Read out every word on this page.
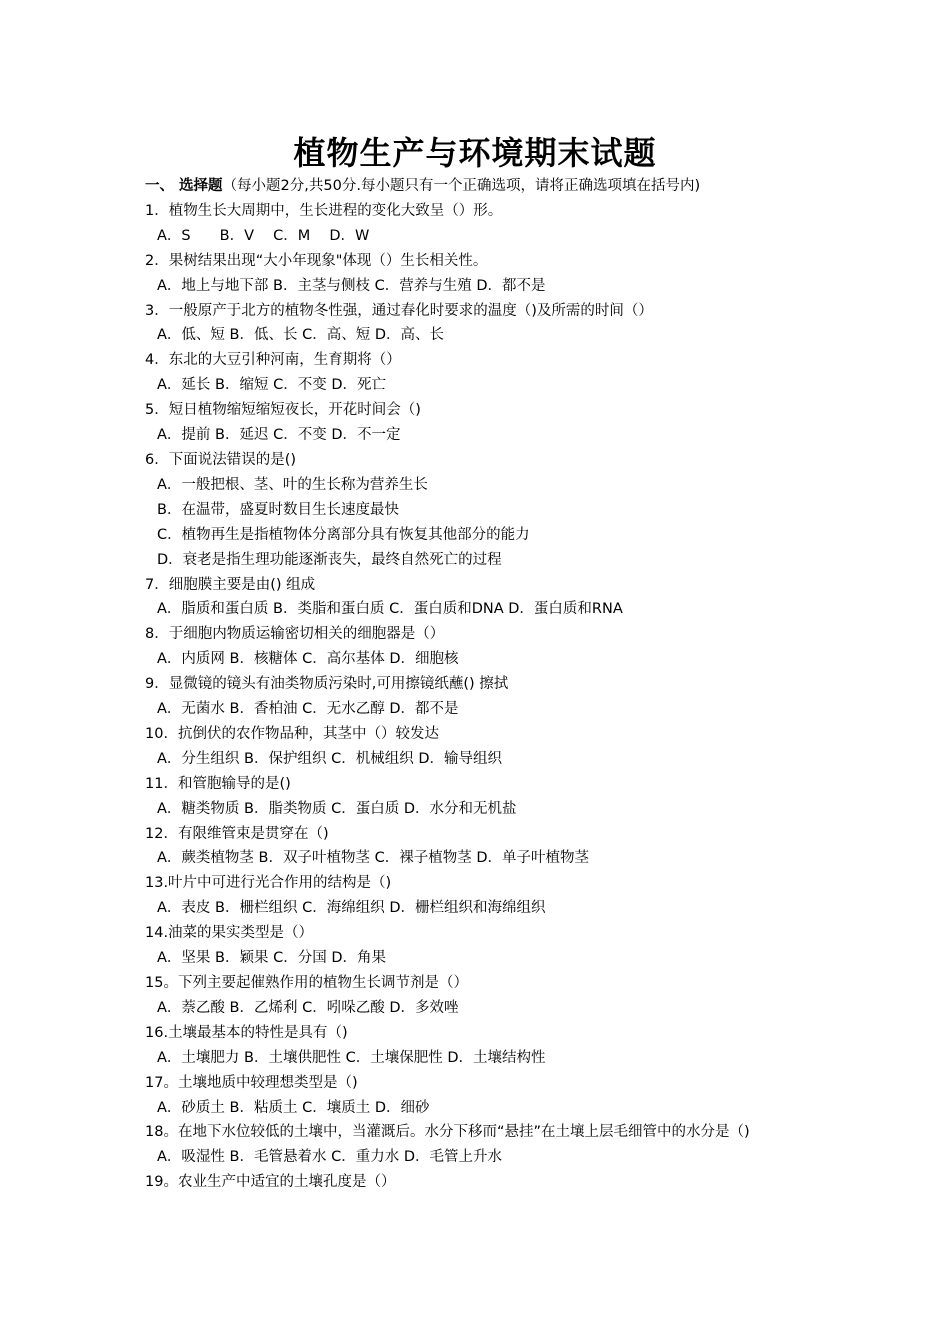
植物生产与环境期末试题
一、 选择题（每小题2分,共50分.每小题只有一个正确选项，请将正确选项填在括号内)
1．植物生长大周期中，生长进程的变化大致呈（）形。
A．S　　B．V　 C．M　 D．W
2．果树结果出现“大小年现象"体现（）生长相关性。
A．地上与地下部 B．主茎与侧枝 C．营养与生殖 D．都不是
3．一般原产于北方的植物冬性强，通过春化时要求的温度（)及所需的时间（）
A．低、短 B．低、长 C．高、短 D．高、长
4．东北的大豆引种河南，生育期将（）
A．延长 B．缩短 C．不变 D．死亡
5．短日植物缩短缩短夜长，开花时间会（)
A．提前 B．延迟 C．不变 D．不一定
6．下面说法错误的是()
A．一般把根、茎、叶的生长称为营养生长
B．在温带，盛夏时数目生长速度最快
C．植物再生是指植物体分离部分具有恢复其他部分的能力
D．衰老是指生理功能逐渐丧失，最终自然死亡的过程
7．细胞膜主要是由() 组成
A．脂质和蛋白质 B．类脂和蛋白质 C．蛋白质和DNA D．蛋白质和RNA
8．于细胞内物质运输密切相关的细胞器是（）
A．内质网 B．核糖体 C．高尔基体 D．细胞核
9．显微镜的镜头有油类物质污染时,可用擦镜纸蘸() 擦拭
A．无菌水 B．香柏油 C．无水乙醇 D．都不是
10．抗倒伏的农作物品种，其茎中（）较发达
A．分生组织 B．保护组织 C．机械组织 D．输导组织
11．和管胞输导的是()
A．糖类物质 B．脂类物质 C．蛋白质 D．水分和无机盐
12．有限维管束是贯穿在（)
A．蕨类植物茎 B．双子叶植物茎 C．裸子植物茎 D．单子叶植物茎
13.叶片中可进行光合作用的结构是（)
A．表皮 B．栅栏组织 C．海绵组织 D．栅栏组织和海绵组织
14.油菜的果实类型是（）
A．坚果 B．颖果 C．分国 D．角果
15。下列主要起催熟作用的植物生长调节剂是（）
A．萘乙酸 B．乙烯利 C．吲哚乙酸 D．多效唑
16.土壤最基本的特性是具有（)
A．土壤肥力 B．土壤供肥性 C．土壤保肥性 D．土壤结构性
17。土壤地质中较理想类型是（)
A．砂质土 B．粘质土 C．壤质土 D．细砂
18。在地下水位较低的土壤中，当灌溉后。水分下移而“悬挂”在土壤上层毛细管中的水分是（)
A．吸湿性 B．毛管悬着水 C．重力水 D．毛管上升水
19。农业生产中适宜的土壤孔度是（）
